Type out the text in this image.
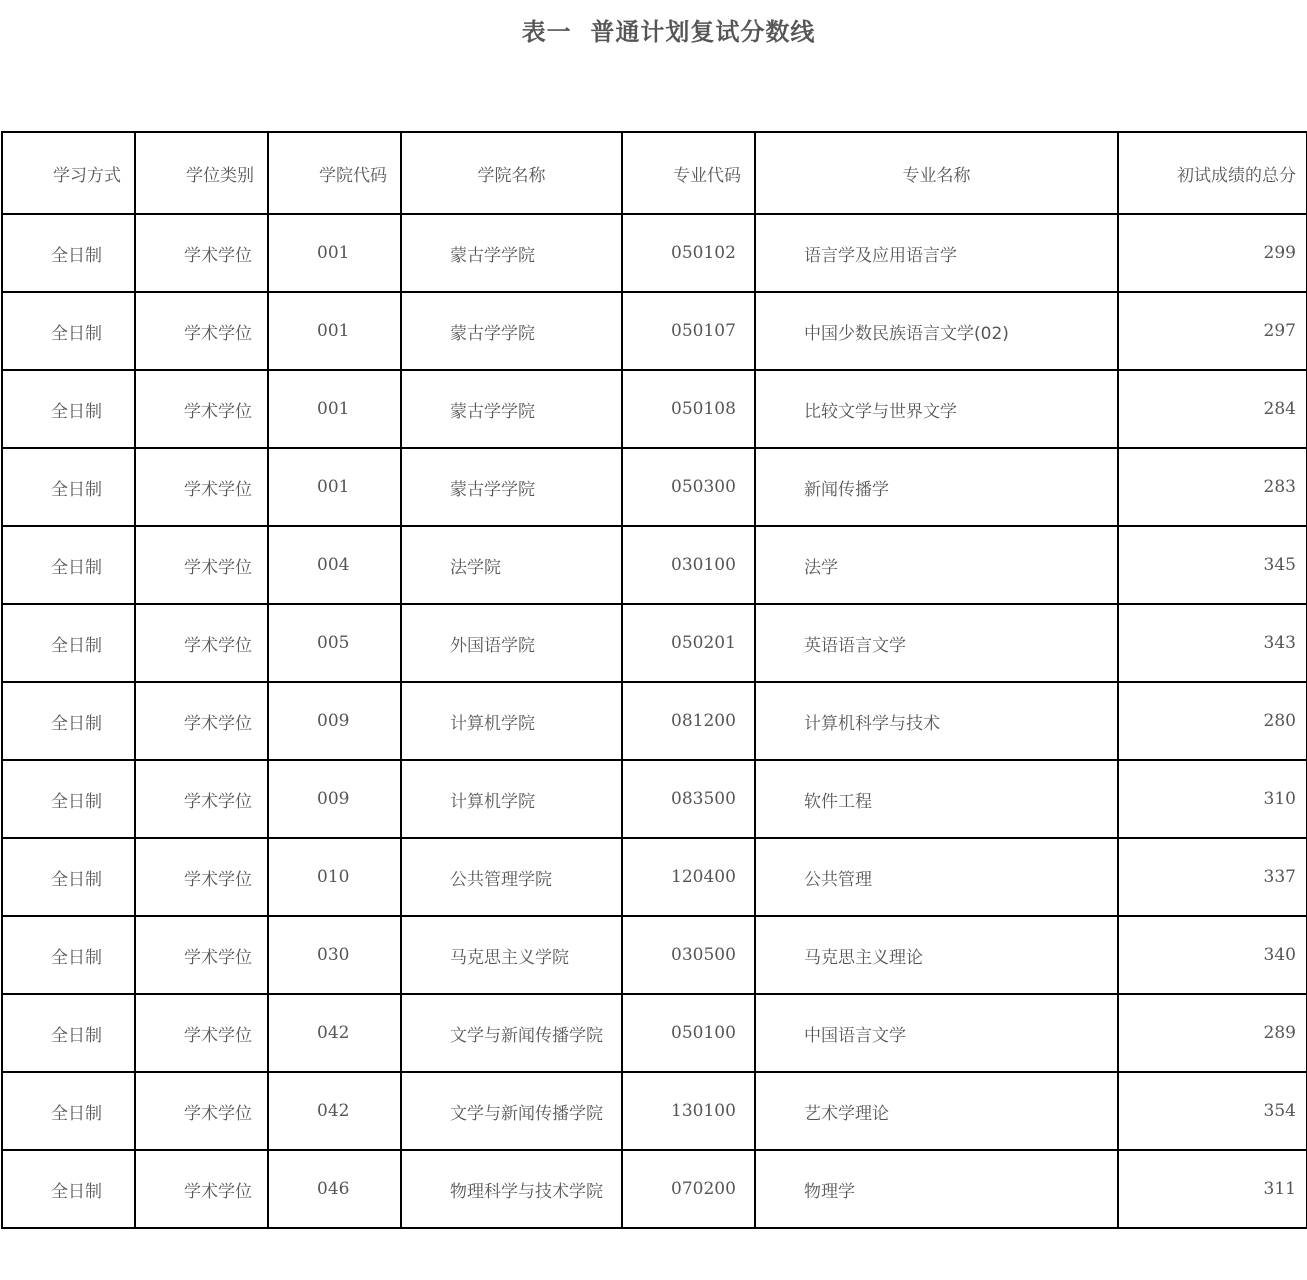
表一  普通计划复试分数线
学习方式	学位类别	学院代码	学院名称	专业代码	专业名称	初试成绩的总分
全日制	学术学位	001	蒙古学学院	050102	语言学及应用语言学	299
全日制	学术学位	001	蒙古学学院	050107	中国少数民族语言文学(02)	297
全日制	学术学位	001	蒙古学学院	050108	比较文学与世界文学	284
全日制	学术学位	001	蒙古学学院	050300	新闻传播学	283
全日制	学术学位	004	法学院	030100	法学	345
全日制	学术学位	005	外国语学院	050201	英语语言文学	343
全日制	学术学位	009	计算机学院	081200	计算机科学与技术	280
全日制	学术学位	009	计算机学院	083500	软件工程	310
全日制	学术学位	010	公共管理学院	120400	公共管理	337
全日制	学术学位	030	马克思主义学院	030500	马克思主义理论	340
全日制	学术学位	042	文学与新闻传播学院	050100	中国语言文学	289
全日制	学术学位	042	文学与新闻传播学院	130100	艺术学理论	354
全日制	学术学位	046	物理科学与技术学院	070200	物理学	311
